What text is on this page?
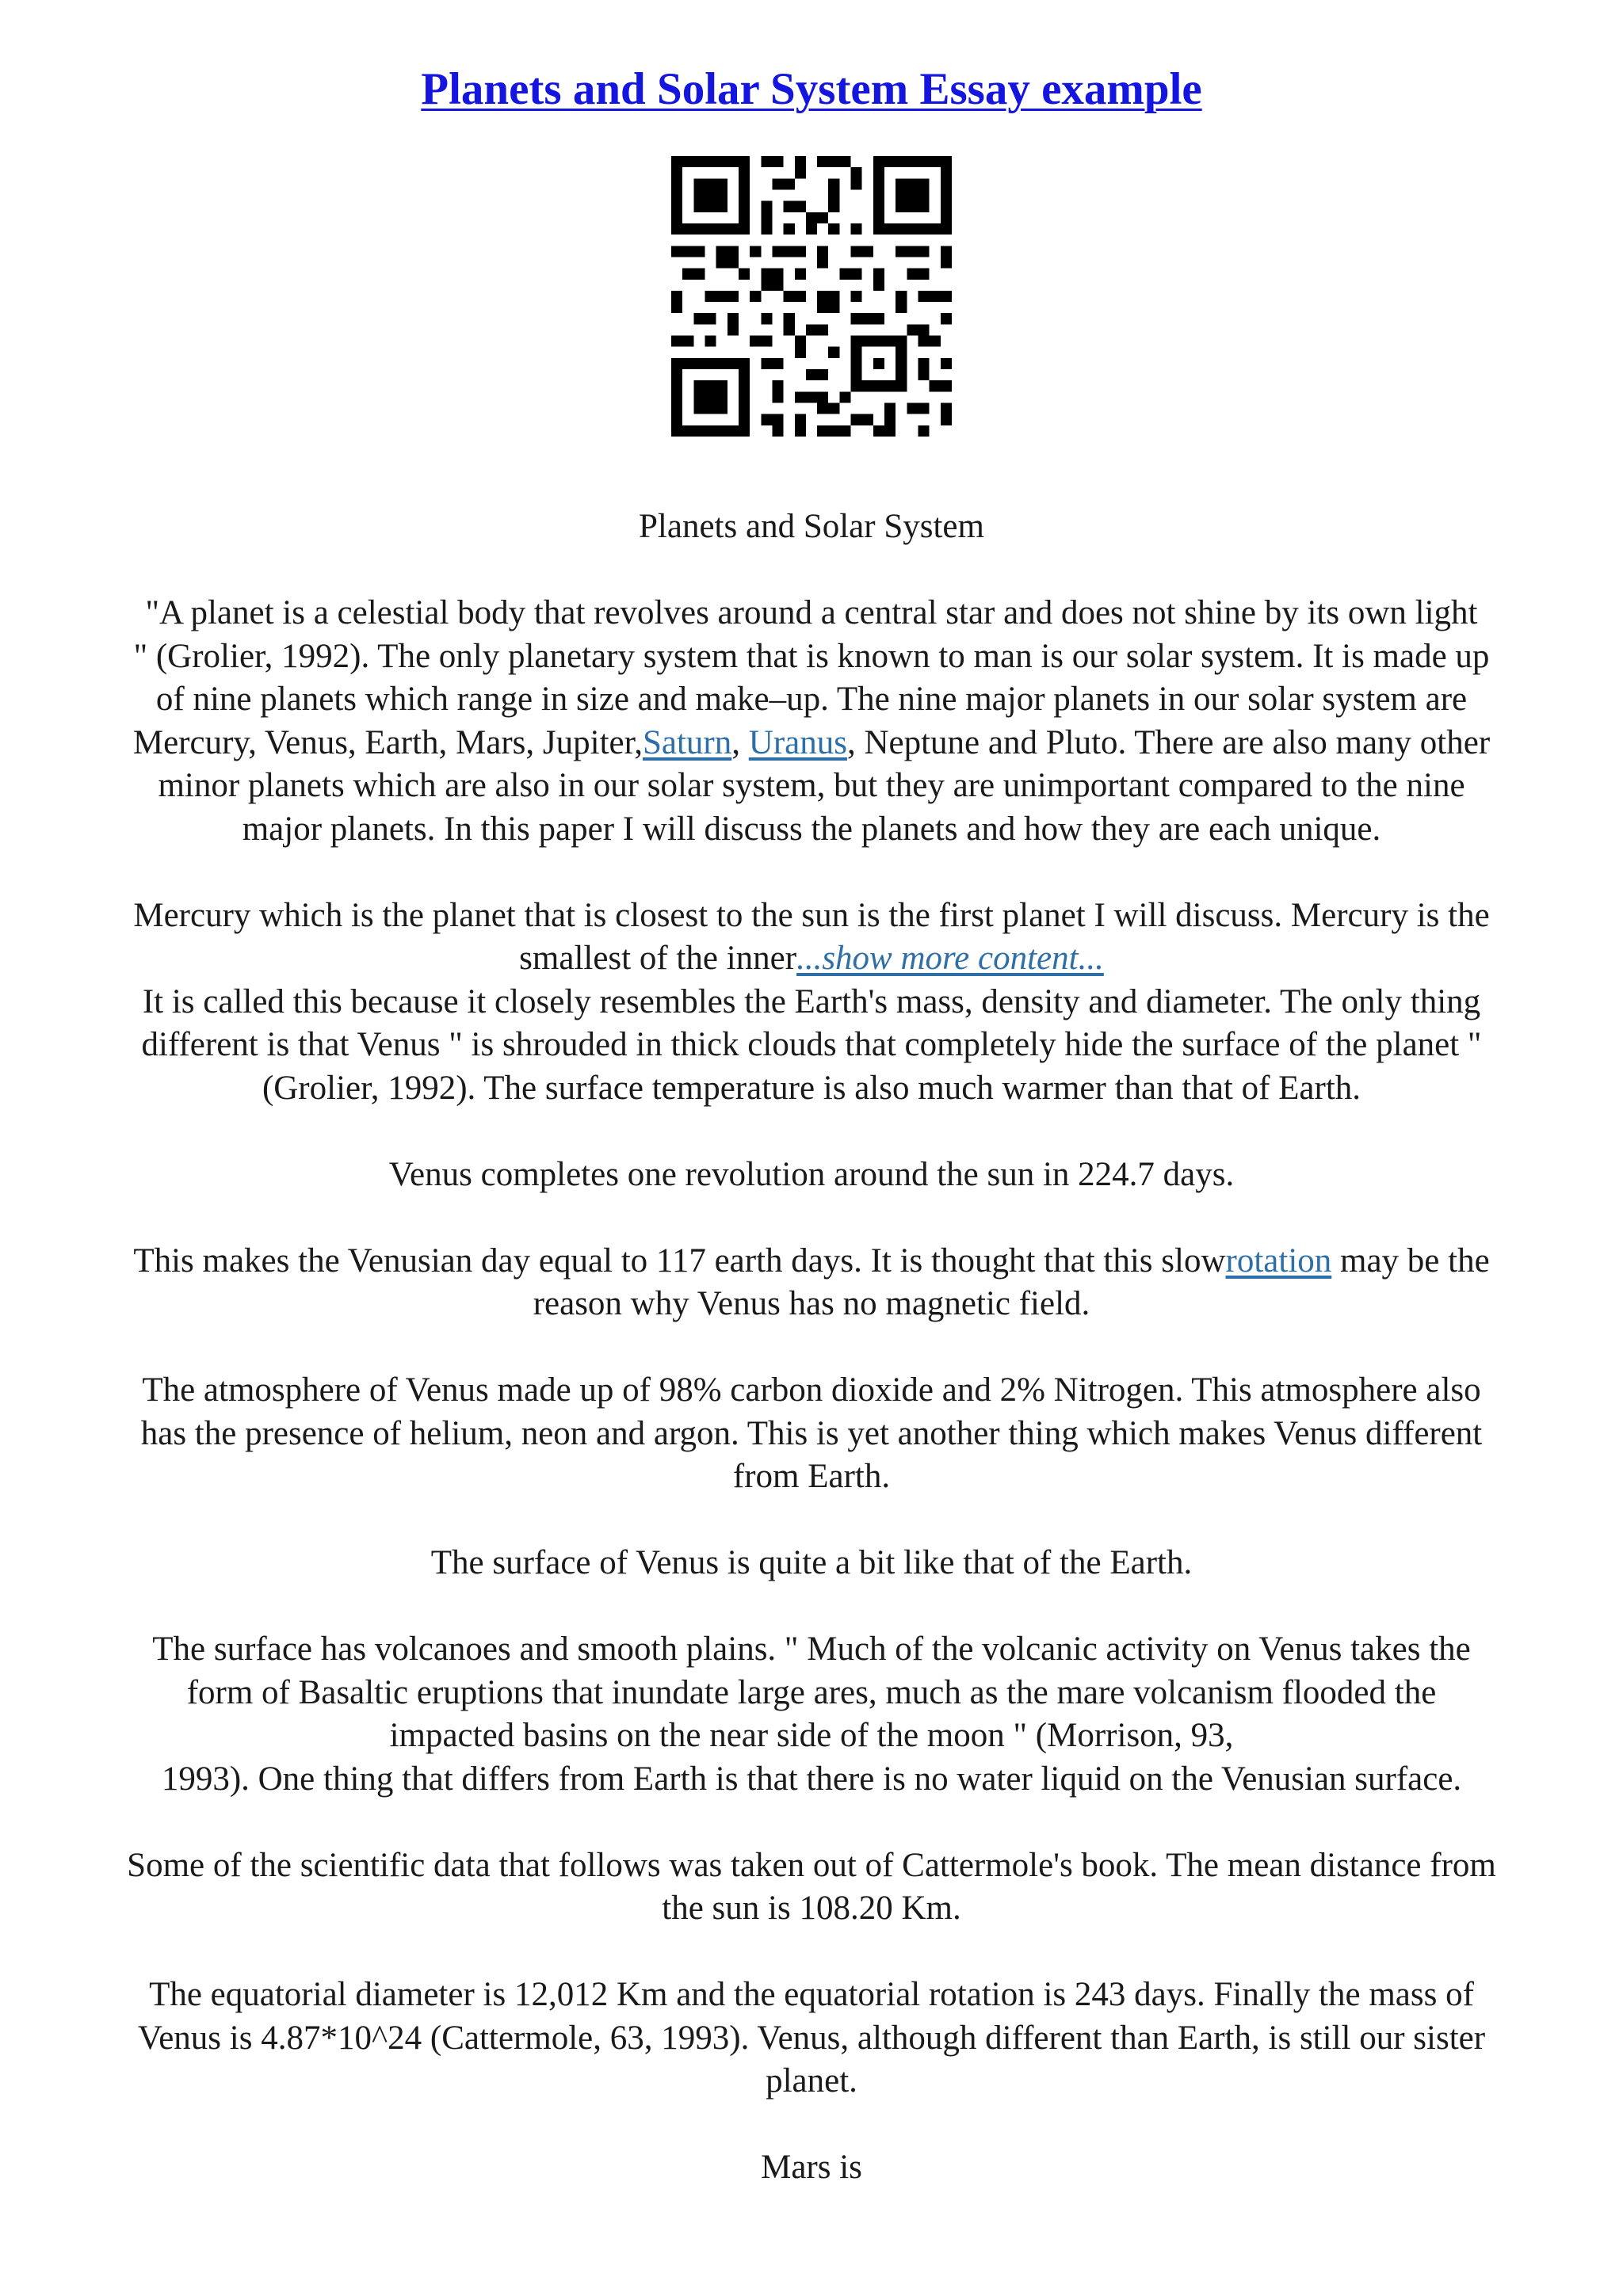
Planets and Solar System Essay example

Planets and Solar System

"A planet is a celestial body that revolves around a central star and does not shine by its own light
" (Grolier, 1992). The only planetary system that is known to man is our solar system. It is made up
of nine planets which range in size and make–up. The nine major planets in our solar system are
Mercury, Venus, Earth, Mars, Jupiter,Saturn, Uranus, Neptune and Pluto. There are also many other
minor planets which are also in our solar system, but they are unimportant compared to the nine
major planets. In this paper I will discuss the planets and how they are each unique.

Mercury which is the planet that is closest to the sun is the first planet I will discuss. Mercury is the
smallest of the inner...show more content...

It is called this because it closely resembles the Earth's mass, density and diameter. The only thing
different is that Venus " is shrouded in thick clouds that completely hide the surface of the planet "
(Grolier, 1992). The surface temperature is also much warmer than that of Earth.

Venus completes one revolution around the sun in 224.7 days.

This makes the Venusian day equal to 117 earth days. It is thought that this slowrotation may be the
reason why Venus has no magnetic field.

The atmosphere of Venus made up of 98% carbon dioxide and 2% Nitrogen. This atmosphere also
has the presence of helium, neon and argon. This is yet another thing which makes Venus different
from Earth.

The surface of Venus is quite a bit like that of the Earth.

The surface has volcanoes and smooth plains. " Much of the volcanic activity on Venus takes the
form of Basaltic eruptions that inundate large ares, much as the mare volcanism flooded the
impacted basins on the near side of the moon " (Morrison, 93,
1993). One thing that differs from Earth is that there is no water liquid on the Venusian surface.

Some of the scientific data that follows was taken out of Cattermole's book. The mean distance from
the sun is 108.20 Km.

The equatorial diameter is 12,012 Km and the equatorial rotation is 243 days. Finally the mass of
Venus is 4.87*10^24 (Cattermole, 63, 1993). Venus, although different than Earth, is still our sister
planet.

Mars is
